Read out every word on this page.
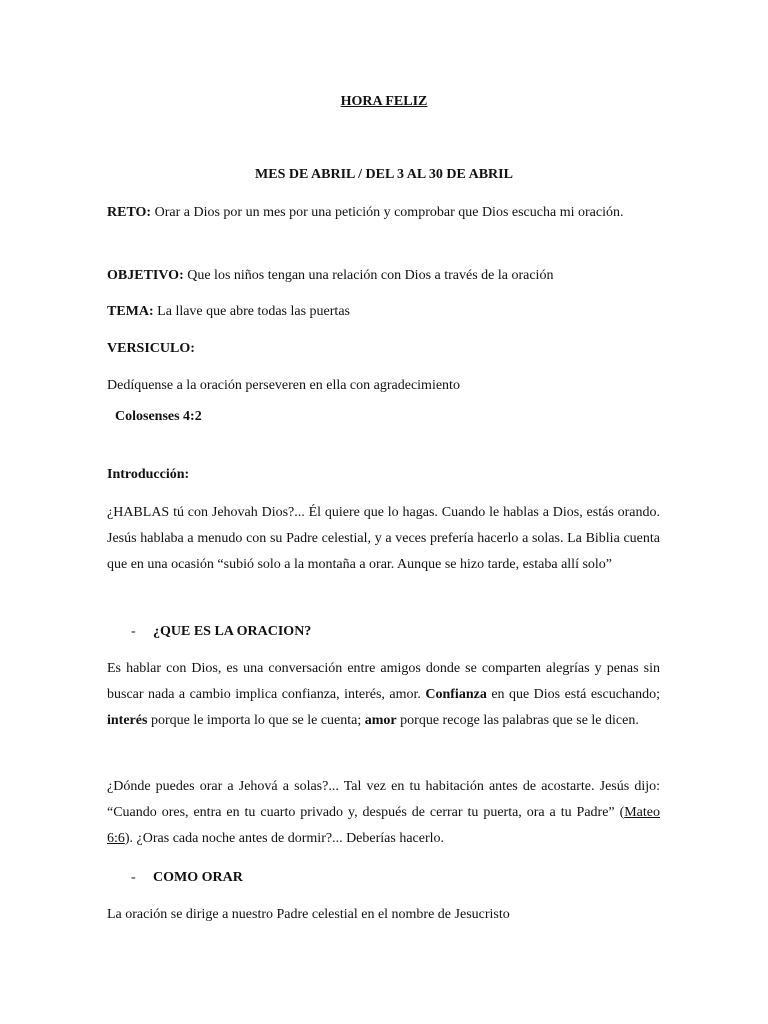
HORA FELIZ

MES DE ABRIL / DEL 3 AL 30 DE ABRIL

RETO: Orar a Dios por un mes por una petición y comprobar que Dios escucha mi oración.

OBJETIVO: Que los niños tengan una relación con Dios a través de la oración

TEMA: La llave que abre todas las puertas

VERSICULO:

Dedíquense a la oración perseveren en ella con agradecimiento

Colosenses 4:2

Introducción:

¿HABLAS tú con Jehovah Dios?... Él quiere que lo hagas. Cuando le hablas a Dios, estás orando. Jesús hablaba a menudo con su Padre celestial, y a veces prefería hacerlo a solas. La Biblia cuenta que en una ocasión “subió solo a la montaña a orar. Aunque se hizo tarde, estaba allí solo”

- ¿QUE ES LA ORACION?

Es hablar con Dios, es una conversación entre amigos donde se comparten alegrías y penas sin buscar nada a cambio implica confianza, interés, amor. Confianza en que Dios está escuchando; interés porque le importa lo que se le cuenta; amor porque recoge las palabras que se le dicen.

¿Dónde puedes orar a Jehová a solas?... Tal vez en tu habitación antes de acostarte. Jesús dijo: “Cuando ores, entra en tu cuarto privado y, después de cerrar tu puerta, ora a tu Padre” (Mateo 6:6). ¿Oras cada noche antes de dormir?... Deberías hacerlo.

- COMO ORAR

La oración se dirige a nuestro Padre celestial en el nombre de Jesucristo
